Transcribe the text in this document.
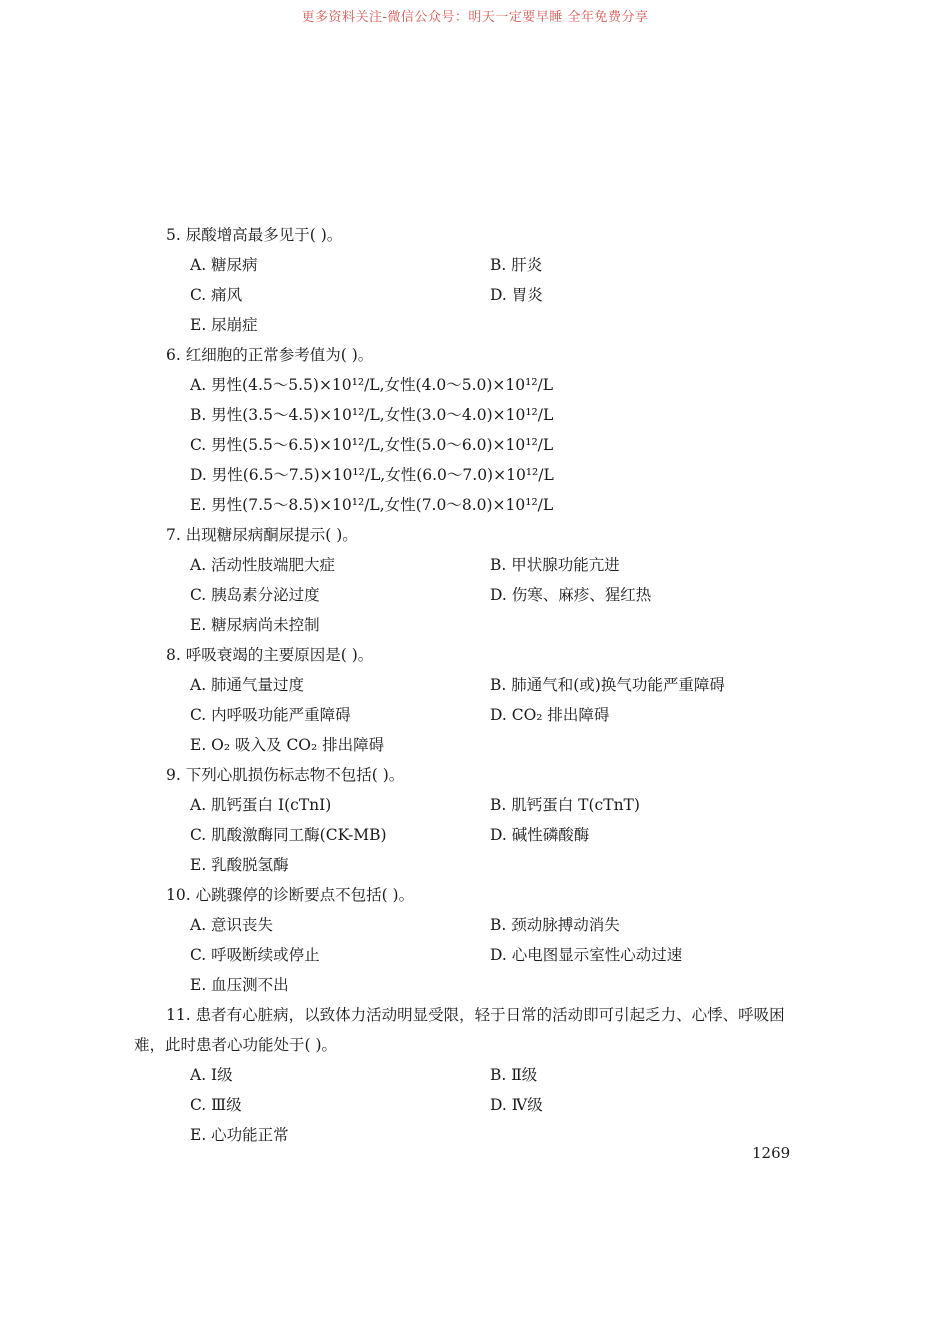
更多资料关注-微信公众号：明天一定要早睡 全年免费分享
5. 尿酸增高最多见于( )。
A. 糖尿病	B. 肝炎
C. 痛风	D. 胃炎
E. 尿崩症
6. 红细胞的正常参考值为( )。
A. 男性(4.5～5.5)×10¹²/L,女性(4.0～5.0)×10¹²/L
B. 男性(3.5～4.5)×10¹²/L,女性(3.0～4.0)×10¹²/L
C. 男性(5.5～6.5)×10¹²/L,女性(5.0～6.0)×10¹²/L
D. 男性(6.5～7.5)×10¹²/L,女性(6.0～7.0)×10¹²/L
E. 男性(7.5～8.5)×10¹²/L,女性(7.0～8.0)×10¹²/L
7. 出现糖尿病酮尿提示( )。
A. 活动性肢端肥大症	B. 甲状腺功能亢进
C. 胰岛素分泌过度	D. 伤寒、麻疹、猩红热
E. 糖尿病尚未控制
8. 呼吸衰竭的主要原因是( )。
A. 肺通气量过度	B. 肺通气和(或)换气功能严重障碍
C. 内呼吸功能严重障碍	D. CO₂ 排出障碍
E. O₂ 吸入及 CO₂ 排出障碍
9. 下列心肌损伤标志物不包括( )。
A. 肌钙蛋白 I(cTnI)	B. 肌钙蛋白 T(cTnT)
C. 肌酸激酶同工酶(CK-MB)	D. 碱性磷酸酶
E. 乳酸脱氢酶
10. 心跳骤停的诊断要点不包括( )。
A. 意识丧失	B. 颈动脉搏动消失
C. 呼吸断续或停止	D. 心电图显示室性心动过速
E. 血压测不出
11. 患者有心脏病，以致体力活动明显受限，轻于日常的活动即可引起乏力、心悸、呼吸困
难，此时患者心功能处于( )。
A. Ⅰ级	B. Ⅱ级
C. Ⅲ级	D. Ⅳ级
E. 心功能正常
1269
